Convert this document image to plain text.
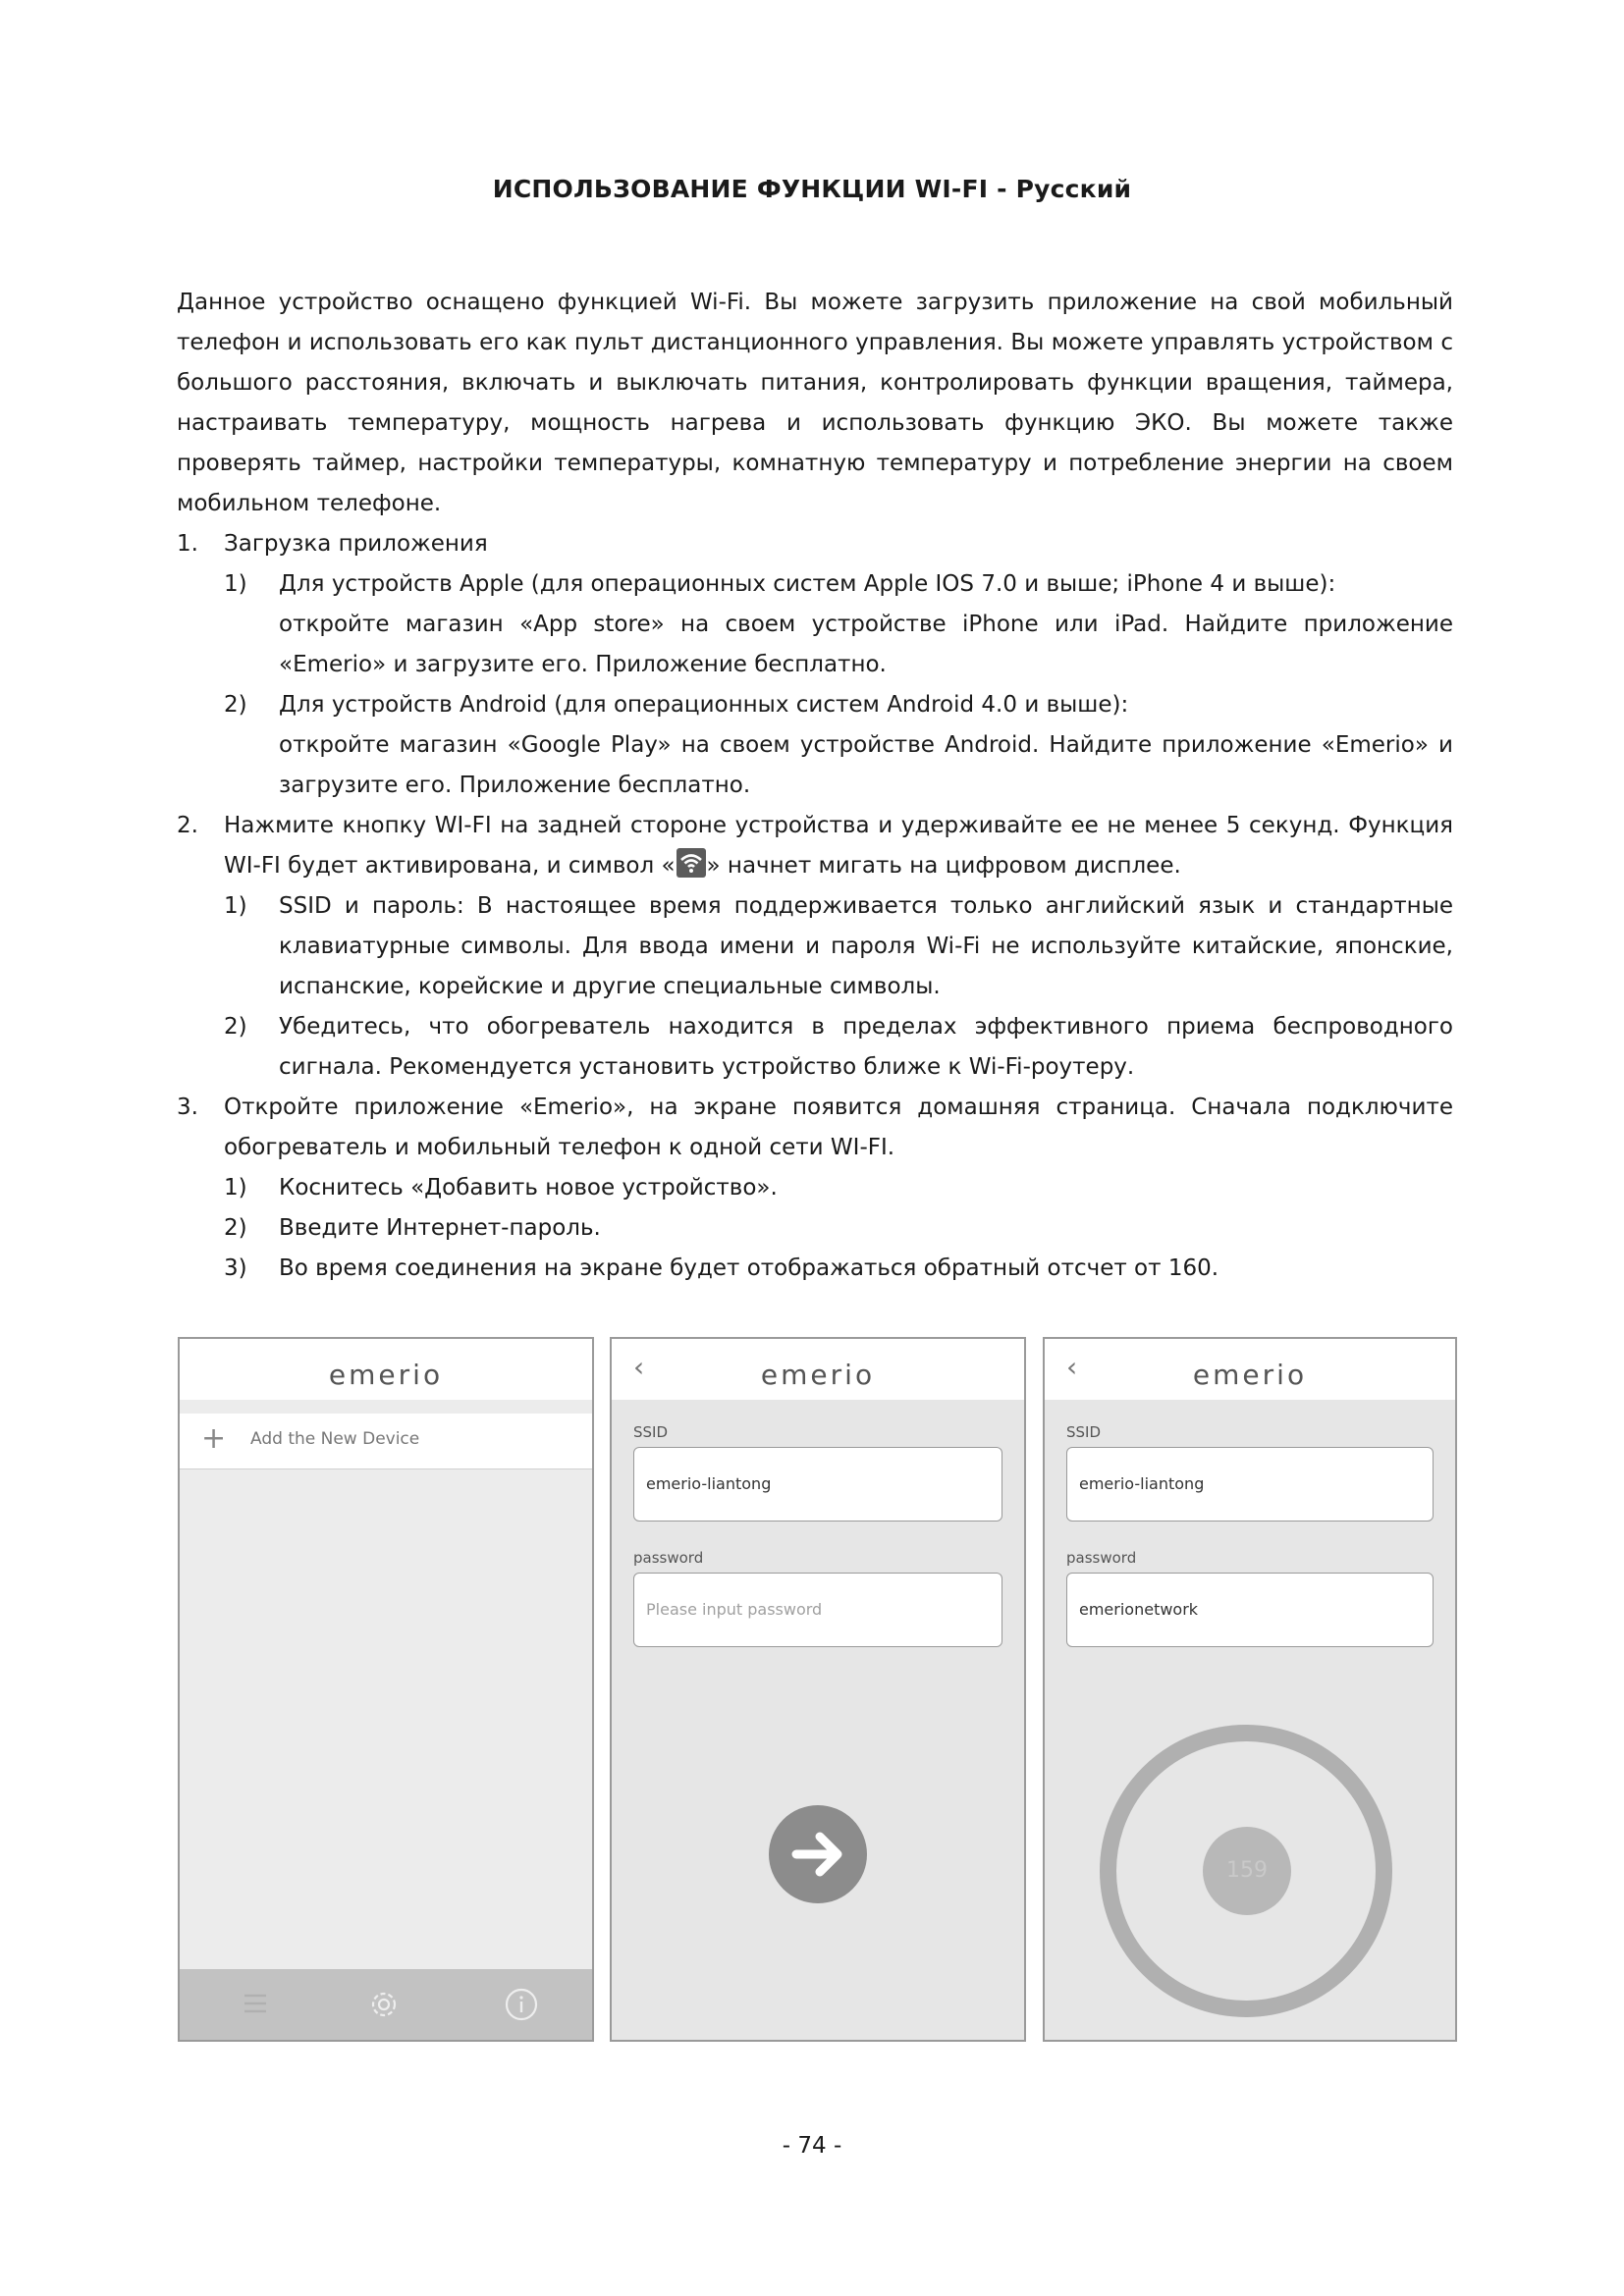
ИСПОЛЬЗОВАНИЕ ФУНКЦИИ WI-FI - Русский

Данное устройство оснащено функцией Wi-Fi. Вы можете загрузить приложение на свой мобильный телефон и использовать его как пульт дистанционного управления. Вы можете управлять устройством с большого расстояния, включать и выключать питания, контролировать функции вращения, таймера, настраивать температуру, мощность нагрева и использовать функцию ЭКО. Вы можете также проверять таймер, настройки температуры, комнатную температуру и потребление энергии на своем мобильном телефоне.

1. Загрузка приложения
1) Для устройств Apple (для операционных систем Apple IOS 7.0 и выше; iPhone 4 и выше):
откройте магазин «App store» на своем устройстве iPhone или iPad. Найдите приложение «Emerio» и загрузите его. Приложение бесплатно.
2) Для устройств Android (для операционных систем Android 4.0 и выше):
откройте магазин «Google Play» на своем устройстве Android. Найдите приложение «Emerio» и загрузите его. Приложение бесплатно.
2. Нажмите кнопку WI-FI на задней стороне устройства и удерживайте ее не менее 5 секунд. Функция WI-FI будет активирована, и символ « » начнет мигать на цифровом дисплее.
1) SSID и пароль: В настоящее время поддерживается только английский язык и стандартные клавиатурные символы. Для ввода имени и пароля Wi-Fi не используйте китайские, японские, испанские, корейские и другие специальные символы.
2) Убедитесь, что обогреватель находится в пределах эффективного приема беспроводного сигнала. Рекомендуется установить устройство ближе к Wi-Fi-роутеру.
3. Откройте приложение «Emerio», на экране появится домашняя страница. Сначала подключите обогреватель и мобильный телефон к одной сети WI-FI.
1) Коснитесь «Добавить новое устройство».
2) Введите Интернет-пароль.
3) Во время соединения на экране будет отображаться обратный отсчет от 160.
emerio
+ Add the New Device
‹	emerio
SSID
emerio-liantong
password
Please input password
‹	emerio
SSID
emerio-liantong
password
emerionetwork
159
- 74 -
